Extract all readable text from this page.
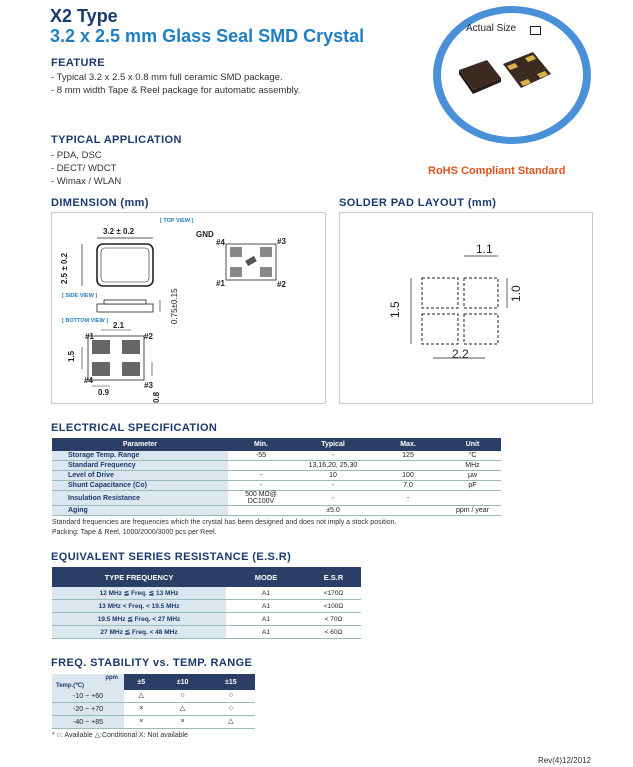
X2 Type
3.2 x 2.5 mm Glass Seal SMD Crystal
FEATURE
- Typical 3.2 x 2.5 x 0.8 mm full ceramic SMD package.
- 8 mm width Tape & Reel package for automatic assembly.
TYPICAL APPLICATION
- PDA, DSC
- DECT/ WDCT
- Wimax / WLAN
Actual Size
RoHS Compliant Standard
DIMENSION (mm)	SOLDER PAD LAYOUT (mm)
[ TOP VIEW ]
3.2 ± 0.2
2.5 ± 0.2
[ SIDE VIEW ]	0.75±0.15
[ BOTTOM VIEW ] 2.1
1.5
0.9	0.8
#1	#2
#3
#4
GND
#4	#3
#1	#2
1.1
1.0
1.5
2.2
ELECTRICAL SPECIFICATION
Parameter	Min.	Typical	Max.	Unit
Storage Temp. Range	-55	-	125	°C
Standard Frequency		13,16,20, 25,30		MHz
Level of Drive	-	10	100	μw
Shunt Capacitance (Co)	-	-	7.0	pF
Insulation Resistance	500 MΩ@ DC100V	-	-	
Aging		±5.0		ppm / year
Standard frequencies are frequencies which the crystal has been designed and does not imply a stock position.
Packing: Tape & Reel, 1000/2000/3000 pcs per Reel.
EQUIVALENT SERIES RESISTANCE (E.S.R)
TYPE FREQUENCY	MODE	E.S.R
12 MHz ≦ Freq. ≦ 13 MHz	A1	<170Ω
13 MHz < Freq. < 19.5 MHz	A1	<100Ω
19.5 MHz ≦ Freq. < 27 MHz	A1	< 70Ω
27 MHz ≦ Freq. < 48 MHz	A1	< 60Ω
FREQ. STABILITY vs. TEMP. RANGE
ppm
Temp.(℃)	±5	±10	±15
-10 ~ +60	△	○	○
-20 ~ +70	×	△	○
-40 ~ +85	×	×	△
* ○: Available △:Conditional X: Not available
Rev(4)12/2012
